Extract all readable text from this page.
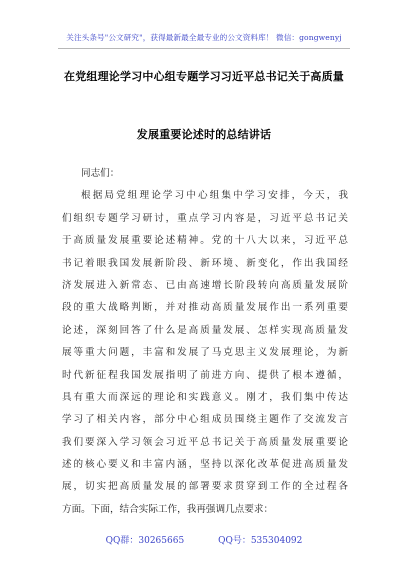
关注头条号"公文研究"，获得最新最全最专业的公文资料库！ 微信：gongwenyj
在党组理论学习中心组专题学习习近平总书记关于高质量
发展重要论述时的总结讲话
同志们：
根据局党组理论学习中心组集中学习安排，今天，我
们组织专题学习研讨，重点学习内容是，习近平总书记关
于高质量发展重要论述精神。党的十八大以来，习近平总
书记着眼我国发展新阶段、新环境、新变化，作出我国经
济发展进入新常态、已由高速增长阶段转向高质量发展阶
段的重大战略判断，并对推动高质量发展作出一系列重要
论述，深刻回答了什么是高质量发展、怎样实现高质量发
展等重大问题，丰富和发展了马克思主义发展理论，为新
时代新征程我国发展指明了前进方向、提供了根本遵循，
具有重大而深远的理论和实践意义。刚才，我们集中传达
学习了相关内容，部分中心组成员围绕主题作了交流发言
我们要深入学习领会习近平总书记关于高质量发展重要论
述的核心要义和丰富内涵，坚持以深化改革促进高质量发
展，切实把高质量发展的部署要求贯穿到工作的全过程各
方面。下面，结合实际工作，我再强调几点要求：
QQ群：30265665	QQ号：535304092
